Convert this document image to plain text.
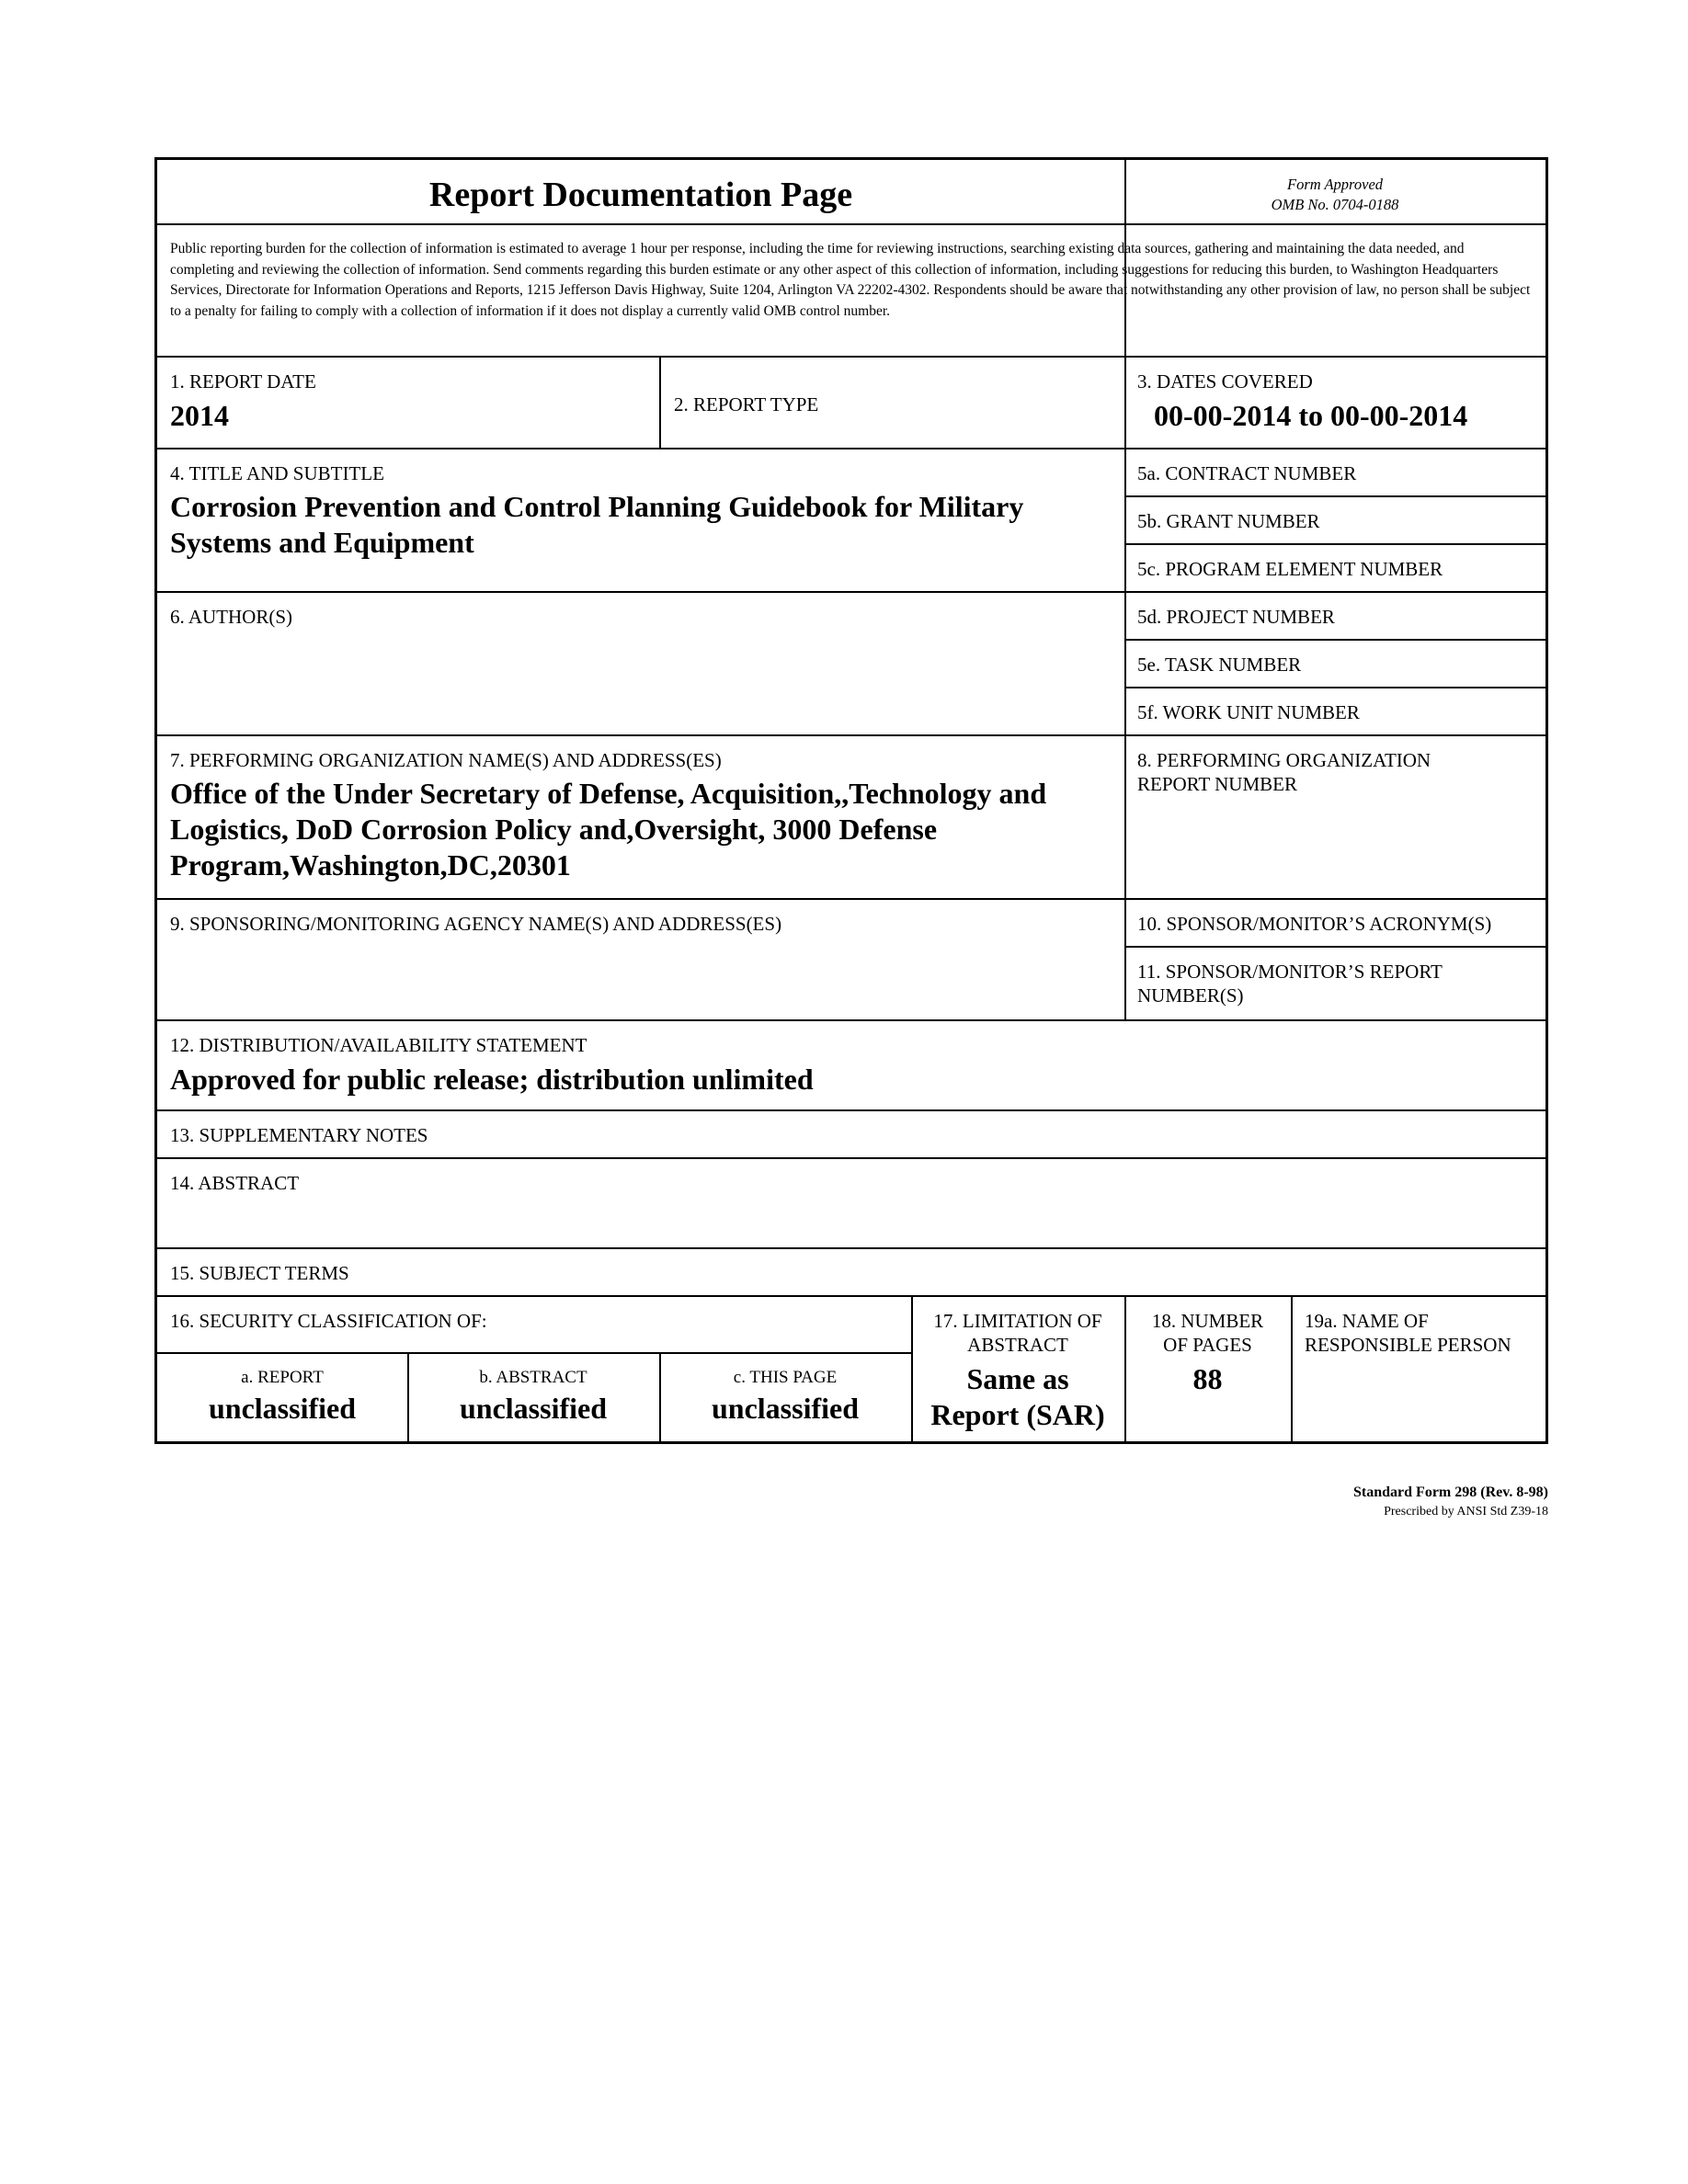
Report Documentation Page	Form Approved
OMB No. 0704-0188
Public reporting burden for the collection of information is estimated to average 1 hour per response, including the time for reviewing instructions, searching existing data sources, gathering and maintaining the data needed, and completing and reviewing the collection of information. Send comments regarding this burden estimate or any other aspect of this collection of information, including suggestions for reducing this burden, to Washington Headquarters Services, Directorate for Information Operations and Reports, 1215 Jefferson Davis Highway, Suite 1204, Arlington VA 22202-4302. Respondents should be aware that notwithstanding any other provision of law, no person shall be subject to a penalty for failing to comply with a collection of information if it does not display a currently valid OMB control number.
1. REPORT DATE
2014	2. REPORT TYPE
3. DATES COVERED
00-00-2014 to 00-00-2014
4. TITLE AND SUBTITLE
Corrosion Prevention and Control Planning Guidebook for Military Systems and Equipment
5a. CONTRACT NUMBER
5b. GRANT NUMBER
5c. PROGRAM ELEMENT NUMBER
6. AUTHOR(S)	5d. PROJECT NUMBER
5e. TASK NUMBER
5f. WORK UNIT NUMBER
7. PERFORMING ORGANIZATION NAME(S) AND ADDRESS(ES)
Office of the Under Secretary of Defense, Acquisition,,Technology and Logistics, DoD Corrosion Policy and,Oversight, 3000 Defense Program,Washington,DC,20301
8. PERFORMING ORGANIZATION
REPORT NUMBER
9. SPONSORING/MONITORING AGENCY NAME(S) AND ADDRESS(ES)	10. SPONSOR/MONITOR’S ACRONYM(S)
11. SPONSOR/MONITOR’S REPORT
NUMBER(S)
12. DISTRIBUTION/AVAILABILITY STATEMENT
Approved for public release; distribution unlimited
13. SUPPLEMENTARY NOTES
14. ABSTRACT
15. SUBJECT TERMS
16. SECURITY CLASSIFICATION OF:
a. REPORT
unclassified
b. ABSTRACT
unclassified
c. THIS PAGE
unclassified
17. LIMITATION OF
ABSTRACT
Same as
Report (SAR)
18. NUMBER
OF PAGES
88
19a. NAME OF
RESPONSIBLE PERSON
Standard Form 298 (Rev. 8-98)
Prescribed by ANSI Std Z39-18
